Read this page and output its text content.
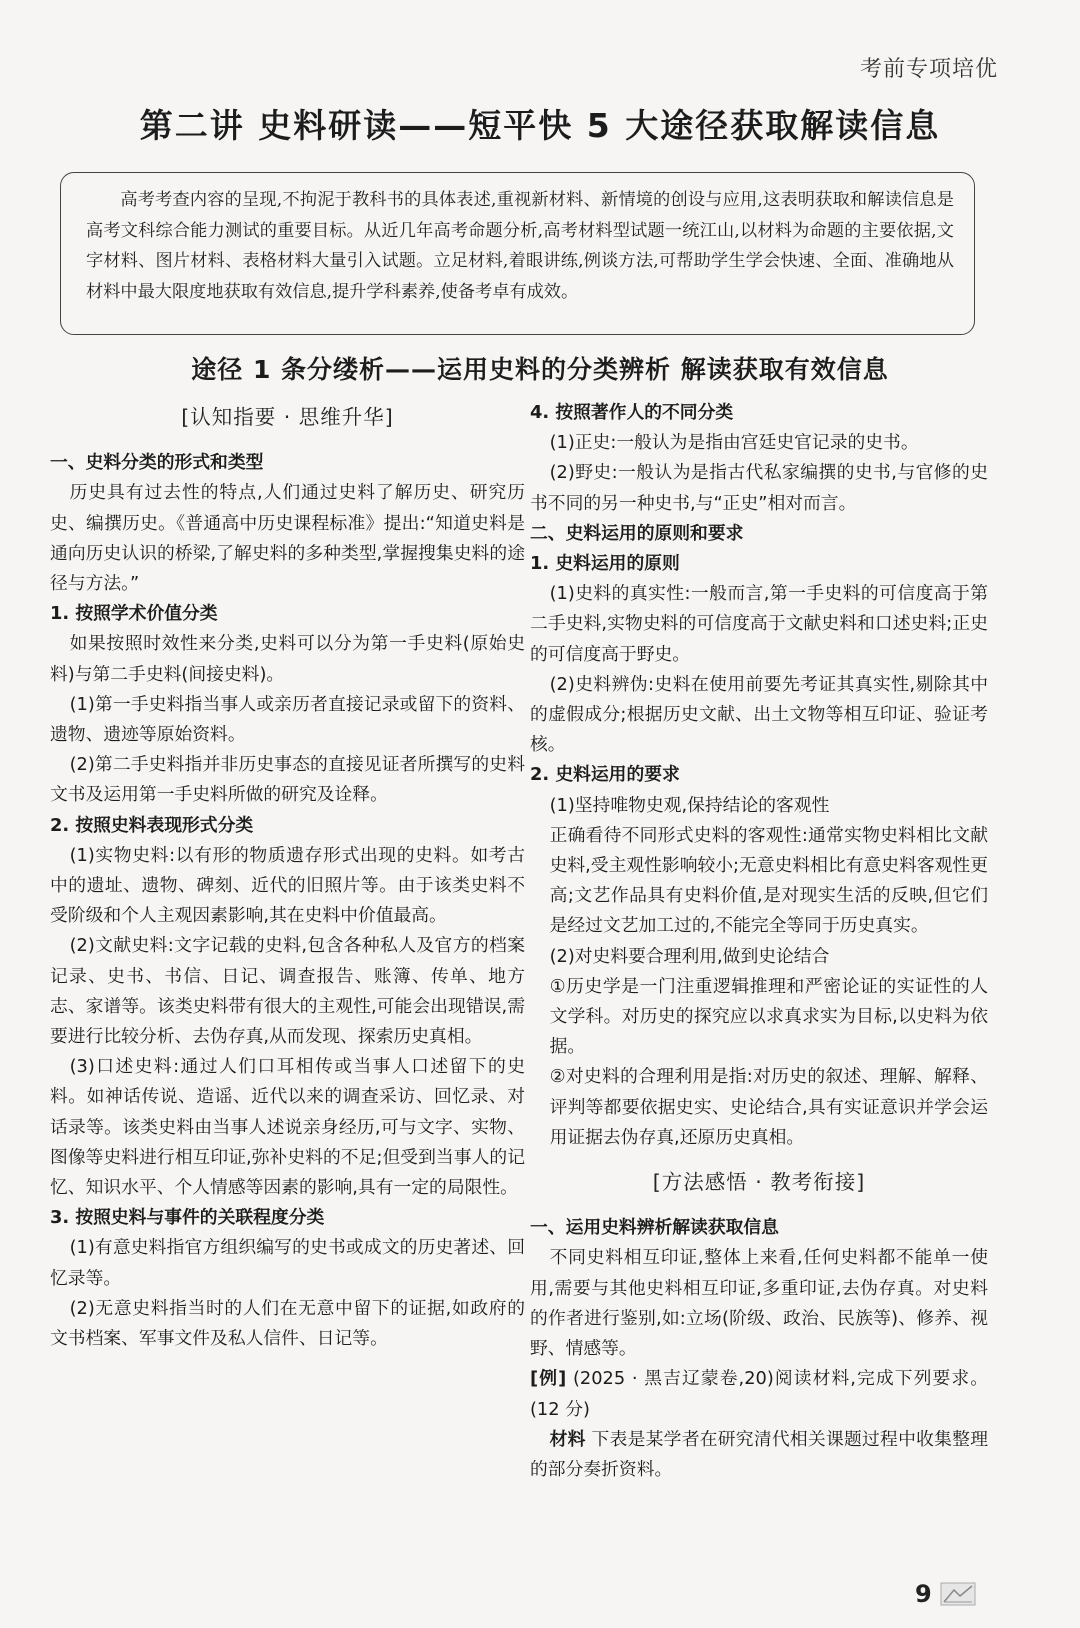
考前专项培优
第二讲 史料研读——短平快 5 大途径获取解读信息

高考考查内容的呈现,不拘泥于教科书的具体表述,重视新材料、新情境的创设与应用,这表明获取和解读信息是高考文科综合能力测试的重要目标。从近几年高考命题分析,高考材料型试题一统江山,以材料为命题的主要依据,文字材料、图片材料、表格材料大量引入试题。立足材料,着眼讲练,例谈方法,可帮助学生学会快速、全面、准确地从材料中最大限度地获取有效信息,提升学科素养,使备考卓有成效。

途径 1 条分缕析——运用史料的分类辨析 解读获取有效信息
[认知指要 · 思维升华]

一、史料分类的形式和类型

历史具有过去性的特点,人们通过史料了解历史、研究历史、编撰历史。《普通高中历史课程标准》提出:“知道史料是通向历史认识的桥梁,了解史料的多种类型,掌握搜集史料的途径与方法。”

1. 按照学术价值分类

如果按照时效性来分类,史料可以分为第一手史料(原始史料)与第二手史料(间接史料)。

(1)第一手史料指当事人或亲历者直接记录或留下的资料、遗物、遗迹等原始资料。

(2)第二手史料指并非历史事态的直接见证者所撰写的史料文书及运用第一手史料所做的研究及诠释。

2. 按照史料表现形式分类

(1)实物史料:以有形的物质遗存形式出现的史料。如考古中的遗址、遗物、碑刻、近代的旧照片等。由于该类史料不受阶级和个人主观因素影响,其在史料中价值最高。

(2)文献史料:文字记载的史料,包含各种私人及官方的档案记录、史书、书信、日记、调查报告、账簿、传单、地方志、家谱等。该类史料带有很大的主观性,可能会出现错误,需要进行比较分析、去伪存真,从而发现、探索历史真相。

(3)口述史料:通过人们口耳相传或当事人口述留下的史料。如神话传说、造谣、近代以来的调查采访、回忆录、对话录等。该类史料由当事人述说亲身经历,可与文字、实物、图像等史料进行相互印证,弥补史料的不足;但受到当事人的记忆、知识水平、个人情感等因素的影响,具有一定的局限性。

3. 按照史料与事件的关联程度分类

(1)有意史料指官方组织编写的史书或成文的历史著述、回忆录等。

(2)无意史料指当时的人们在无意中留下的证据,如政府的文书档案、军事文件及私人信件、日记等。

4. 按照著作人的不同分类

(1)正史:一般认为是指由宫廷史官记录的史书。

(2)野史:一般认为是指古代私家编撰的史书,与官修的史书不同的另一种史书,与“正史”相对而言。

二、史料运用的原则和要求

1. 史料运用的原则

(1)史料的真实性:一般而言,第一手史料的可信度高于第二手史料,实物史料的可信度高于文献史料和口述史料;正史的可信度高于野史。

(2)史料辨伪:史料在使用前要先考证其真实性,剔除其中的虚假成分;根据历史文献、出土文物等相互印证、验证考核。

2. 史料运用的要求

(1)坚持唯物史观,保持结论的客观性

正确看待不同形式史料的客观性:通常实物史料相比文献史料,受主观性影响较小;无意史料相比有意史料客观性更高;文艺作品具有史料价值,是对现实生活的反映,但它们是经过文艺加工过的,不能完全等同于历史真实。

(2)对史料要合理利用,做到史论结合

①历史学是一门注重逻辑推理和严密论证的实证性的人文学科。对历史的探究应以求真求实为目标,以史料为依据。

②对史料的合理利用是指:对历史的叙述、理解、解释、评判等都要依据史实、史论结合,具有实证意识并学会运用证据去伪存真,还原历史真相。

[方法感悟 · 教考衔接]

一、运用史料辨析解读获取信息

不同史料相互印证,整体上来看,任何史料都不能单一使用,需要与其他史料相互印证,多重印证,去伪存真。对史料的作者进行鉴别,如:立场(阶级、政治、民族等)、修养、视野、情感等。

[例] (2025 · 黑吉辽蒙卷,20)阅读材料,完成下列要求。(12 分)

材料 下表是某学者在研究清代相关课题过程中收集整理的部分奏折资料。

9
